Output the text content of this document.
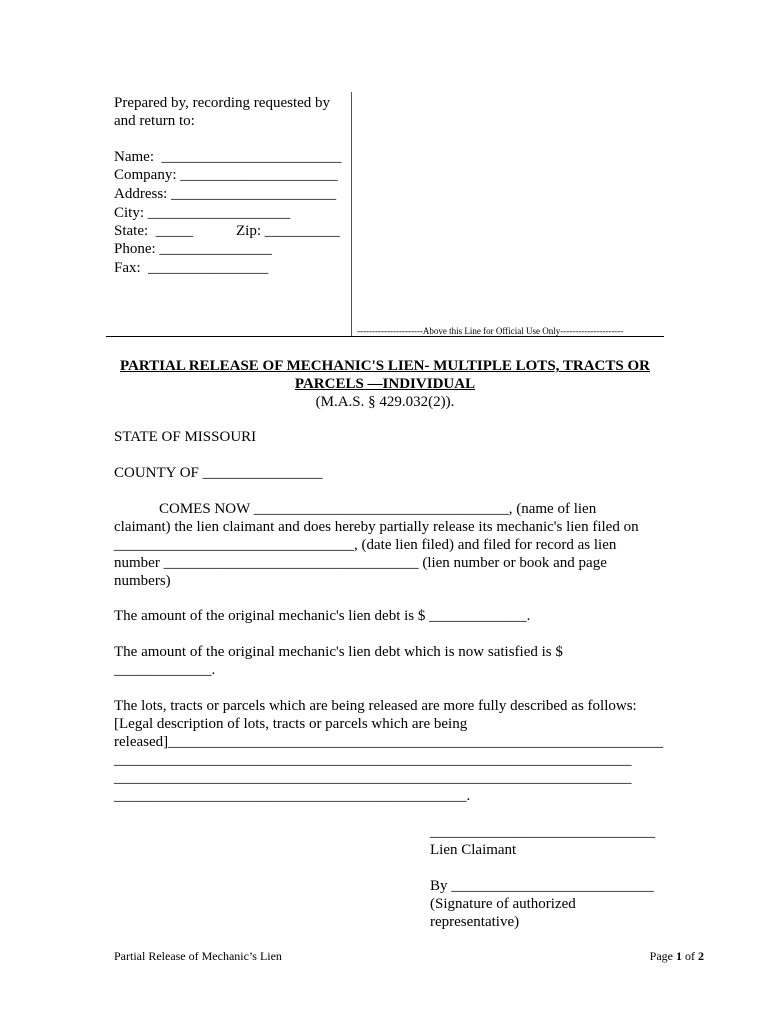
Prepared by, recording requested by
and return to:
Name:  ________________________
Company: _____________________
Address: ______________________
City: ___________________
State:  _____	Zip: __________
Phone: _______________
Fax:  ________________
----------------------Above this Line for Official Use Only---------------------
PARTIAL RELEASE OF MECHANIC'S LIEN- MULTIPLE LOTS, TRACTS OR
PARCELS —INDIVIDUAL
(M.A.S. § 429.032(2)).
STATE OF MISSOURI
COUNTY OF ________________
COMES NOW __________________________________, (name of lien
claimant) the lien claimant and does hereby partially release its mechanic's lien filed on
________________________________, (date lien filed) and filed for record as lien
number __________________________________ (lien number or book and page
numbers)
The amount of the original mechanic's lien debt is $ _____________.
The amount of the original mechanic's lien debt which is now satisfied is $
_____________.
The lots, tracts or parcels which are being released are more fully described as follows:
[Legal description of lots, tracts or parcels which are being
released]__________________________________________________________________
_____________________________________________________________________
_____________________________________________________________________
_______________________________________________.
______________________________
Lien Claimant
By ___________________________
(Signature of authorized
representative)
Partial Release of Mechanic’s Lien	Page 1 of 2
